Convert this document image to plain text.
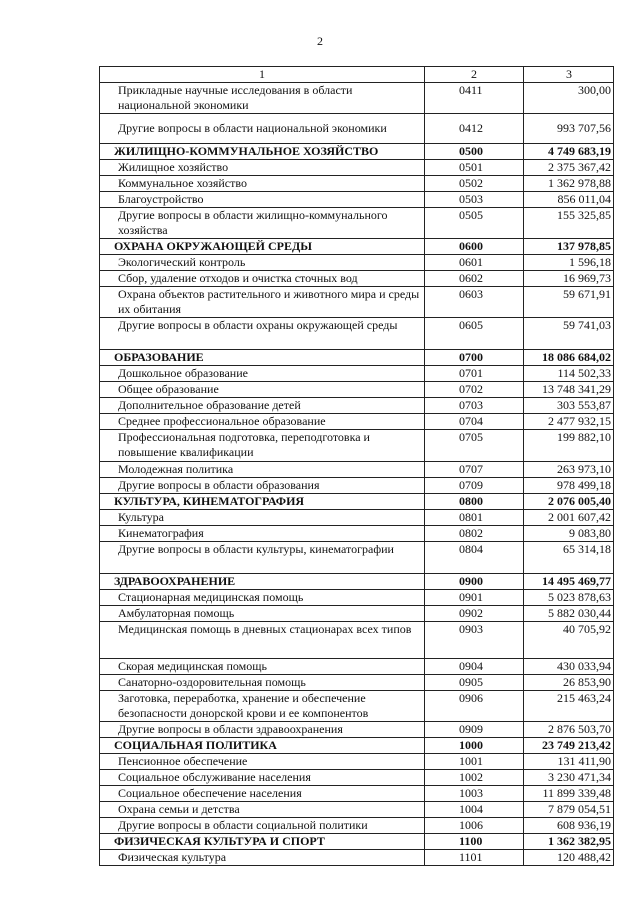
2
1	2	3
Прикладные научные исследования в области национальной экономики	0411	300,00
Другие вопросы в области национальной экономики	0412	993 707,56
ЖИЛИЩНО-КОММУНАЛЬНОЕ ХОЗЯЙСТВО	0500	4 749 683,19
Жилищное хозяйство	0501	2 375 367,42
Коммунальное хозяйство	0502	1 362 978,88
Благоустройство	0503	856 011,04
Другие вопросы в области жилищно-коммунального хозяйства	0505	155 325,85
ОХРАНА ОКРУЖАЮЩЕЙ СРЕДЫ	0600	137 978,85
Экологический контроль	0601	1 596,18
Сбор, удаление отходов и очистка сточных вод	0602	16 969,73
Охрана объектов растительного и животного мира и среды их обитания	0603	59 671,91
Другие вопросы в области охраны окружающей среды	0605	59 741,03
ОБРАЗОВАНИЕ	0700	18 086 684,02
Дошкольное образование	0701	114 502,33
Общее образование	0702	13 748 341,29
Дополнительное образование детей	0703	303 553,87
Среднее профессиональное образование	0704	2 477 932,15
Профессиональная подготовка, переподготовка и повышение квалификации	0705	199 882,10
Молодежная политика	0707	263 973,10
Другие вопросы в области образования	0709	978 499,18
КУЛЬТУРА, КИНЕМАТОГРАФИЯ	0800	2 076 005,40
Культура	0801	2 001 607,42
Кинематография	0802	9 083,80
Другие вопросы в области культуры, кинематографии	0804	65 314,18
ЗДРАВООХРАНЕНИЕ	0900	14 495 469,77
Стационарная медицинская помощь	0901	5 023 878,63
Амбулаторная помощь	0902	5 882 030,44
Медицинская помощь в дневных стационарах всех типов	0903	40 705,92
Скорая медицинская помощь	0904	430 033,94
Санаторно-оздоровительная помощь	0905	26 853,90
Заготовка, переработка, хранение и обеспечение безопасности донорской крови и ее компонентов	0906	215 463,24
Другие вопросы в области здравоохранения	0909	2 876 503,70
СОЦИАЛЬНАЯ ПОЛИТИКА	1000	23 749 213,42
Пенсионное обеспечение	1001	131 411,90
Социальное обслуживание населения	1002	3 230 471,34
Социальное обеспечение населения	1003	11 899 339,48
Охрана семьи и детства	1004	7 879 054,51
Другие вопросы в области социальной политики	1006	608 936,19
ФИЗИЧЕСКАЯ КУЛЬТУРА И СПОРТ	1100	1 362 382,95
Физическая культура	1101	120 488,42
